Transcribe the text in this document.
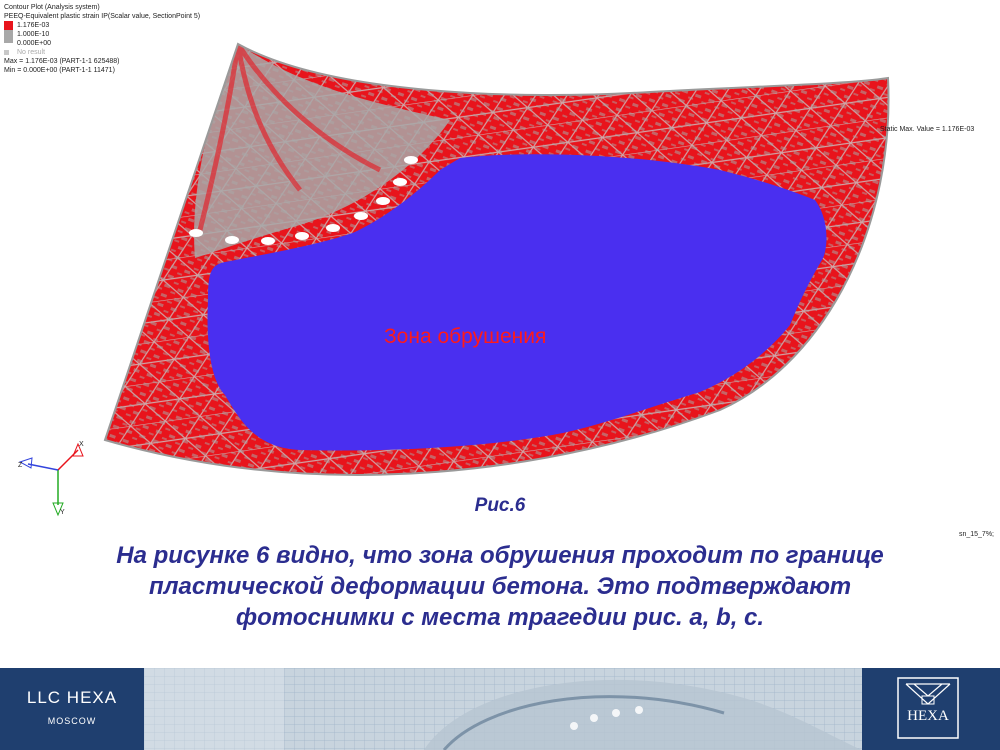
Contour Plot (Analysis system)
PEEQ-Equivalent plastic strain IP(Scalar value, SectionPoint 5)
1.176E-03
1.000E-10
0.000E+00
No result
Max = 1.176E-03 (PART-1-1 625488)
Min = 0.000E+00 (PART-1-1 11471)
X
Z
Y
Static Max. Value = 1.176E-03
Зона обрушения
Рис.6
sn_15_7%;
На рисунке 6 видно, что зона обрушения проходит по границе
пластической деформации бетона. Это подтверждают
фотоснимки с места трагедии рис. а, b, с.
LLC HEXA
MOSCOW	HEXA
